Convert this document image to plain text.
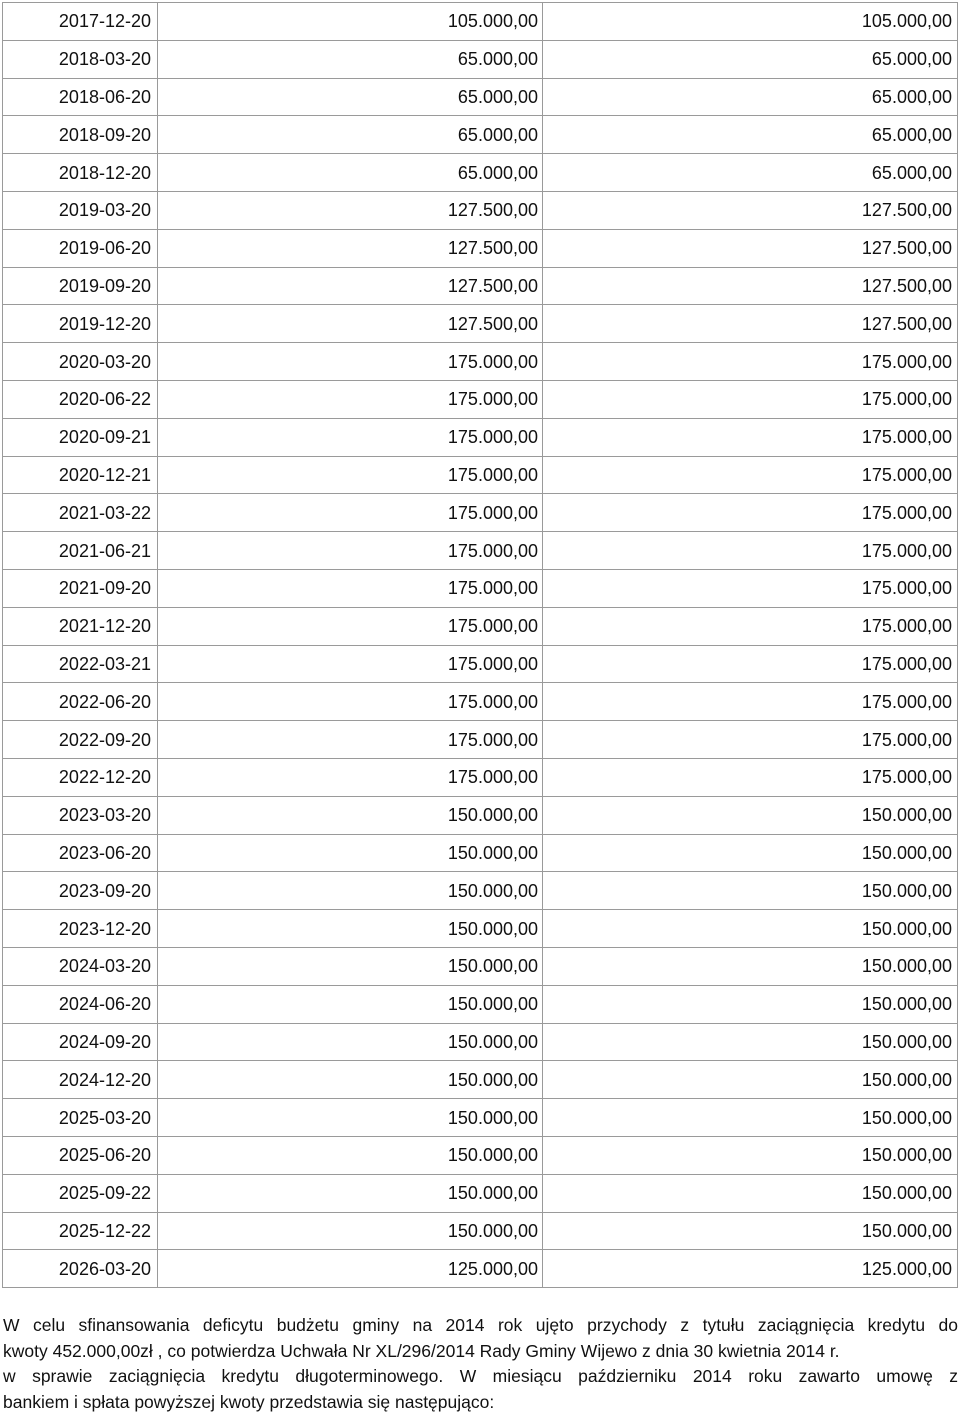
2017-12-20	105.000,00	105.000,00
2018-03-20	65.000,00	65.000,00
2018-06-20	65.000,00	65.000,00
2018-09-20	65.000,00	65.000,00
2018-12-20	65.000,00	65.000,00
2019-03-20	127.500,00	127.500,00
2019-06-20	127.500,00	127.500,00
2019-09-20	127.500,00	127.500,00
2019-12-20	127.500,00	127.500,00
2020-03-20	175.000,00	175.000,00
2020-06-22	175.000,00	175.000,00
2020-09-21	175.000,00	175.000,00
2020-12-21	175.000,00	175.000,00
2021-03-22	175.000,00	175.000,00
2021-06-21	175.000,00	175.000,00
2021-09-20	175.000,00	175.000,00
2021-12-20	175.000,00	175.000,00
2022-03-21	175.000,00	175.000,00
2022-06-20	175.000,00	175.000,00
2022-09-20	175.000,00	175.000,00
2022-12-20	175.000,00	175.000,00
2023-03-20	150.000,00	150.000,00
2023-06-20	150.000,00	150.000,00
2023-09-20	150.000,00	150.000,00
2023-12-20	150.000,00	150.000,00
2024-03-20	150.000,00	150.000,00
2024-06-20	150.000,00	150.000,00
2024-09-20	150.000,00	150.000,00
2024-12-20	150.000,00	150.000,00
2025-03-20	150.000,00	150.000,00
2025-06-20	150.000,00	150.000,00
2025-09-22	150.000,00	150.000,00
2025-12-22	150.000,00	150.000,00
2026-03-20	125.000,00	125.000,00

W celu sfinansowania deficytu budżetu gminy na 2014 rok ujęto przychody z tytułu zaciągnięcia kredytu do
kwoty 452.000,00zł , co potwierdza Uchwała Nr XL/296/2014 Rady Gminy Wijewo z dnia 30 kwietnia 2014 r.
w sprawie zaciągnięcia kredytu długoterminowego. W miesiącu październiku 2014 roku zawarto umowę z
bankiem i spłata powyższej kwoty przedstawia się następująco:
